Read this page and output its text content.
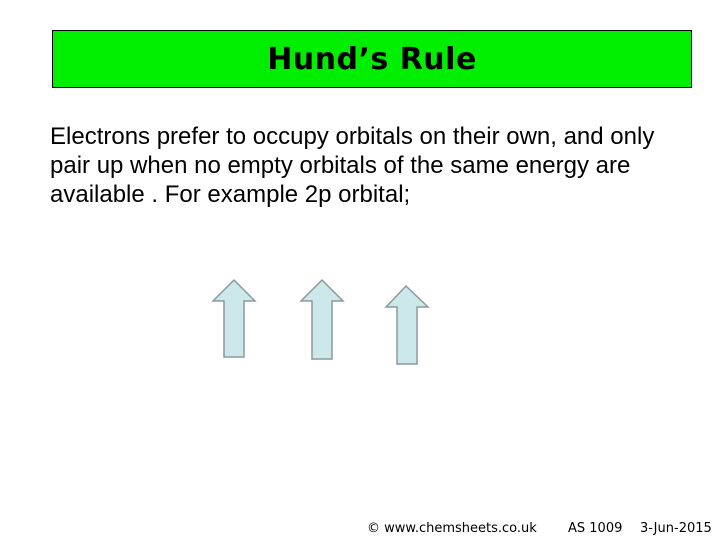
Hund’s Rule

Electrons prefer to occupy orbitals on their own, and only pair up when no empty orbitals of the same energy are available . For example 2p orbital;

© www.chemsheets.co.uk AS 1009 3-Jun-2015
